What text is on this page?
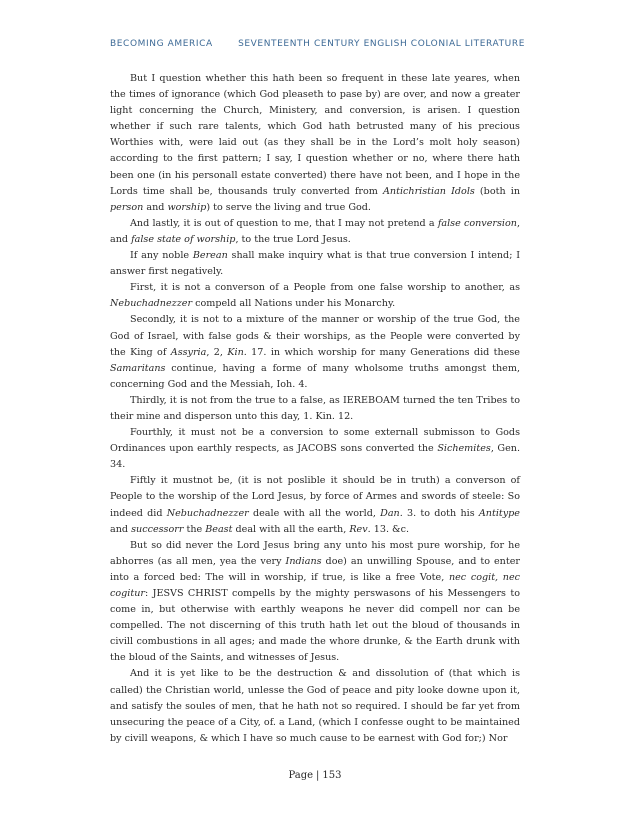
BECOMING AMERICA	SEVENTEENTH CENTURY ENGLISH COLONIAL LITERATURE

But I question whether this hath been so frequent in these late yeares, when the times of ignorance (which God pleaseth to pase by) are over, and now a greater light concerning the Church, Ministery, and conversion, is arisen. I question whether if such rare talents, which God hath betrusted many of his precious Worthies with, were laid out (as they shall be in the Lord’s molt holy season) according to the first pattern; I say, I question whether or no, where there hath been one (in his personall estate converted) there have not been, and I hope in the Lords time shall be, thousands truly converted from Antichristian Idols (both in person and worship) to serve the living and true God.

And lastly, it is out of question to me, that I may not pretend a false conversion, and false state of worship, to the true Lord Jesus.

If any noble Berean shall make inquiry what is that true conversion I intend; I answer first negatively.

First, it is not a converson of a People from one false worship to another, as Nebuchadnezzer compeld all Nations under his Monarchy.

Secondly, it is not to a mixture of the manner or worship of the true God, the God of Israel, with false gods & their worships, as the People were converted by the King of Assyria, 2, Kin. 17. in which worship for many Generations did these Samaritans continue, having a forme of many wholsome truths amongst them, concerning God and the Messiah, Ioh. 4.

Thirdly, it is not from the true to a false, as IEREBOAM turned the ten Tribes to their mine and disperson unto this day, 1. Kin. 12.

Fourthly, it must not be a conversion to some externall submisson to Gods Ordinances upon earthly respects, as JACOBS sons converted the Sichemites, Gen. 34.

Fiftly it mustnot be, (it is not poslible it should be in truth) a converson of People to the worship of the Lord Jesus, by force of Armes and swords of steele: So indeed did Nebuchadnezzer deale with all the world, Dan. 3. to doth his Antitype and successorr the Beast deal with all the earth, Rev. 13. &c.

But so did never the Lord Jesus bring any unto his most pure worship, for he abhorres (as all men, yea the very Indians doe) an unwilling Spouse, and to enter into a forced bed: The will in worship, if true, is like a free Vote, nec cogit, nec cogitur: JESVS CHRIST compells by the mighty perswasons of his Messengers to come in, but otherwise with earthly weapons he never did compell nor can be compelled. The not discerning of this truth hath let out the bloud of thousands in civill combustions in all ages; and made the whore drunke, & the Earth drunk with the bloud of the Saints, and witnesses of Jesus.

And it is yet like to be the destruction & and dissolution of (that which is called) the Christian world, unlesse the God of peace and pity looke downe upon it, and satisfy the soules of men, that he hath not so required. I should be far yet from unsecuring the peace of a City, of. a Land, (which I confesse ought to be maintained by civill weapons, & which I have so much cause to be earnest with God for;) Nor

Page | 153
